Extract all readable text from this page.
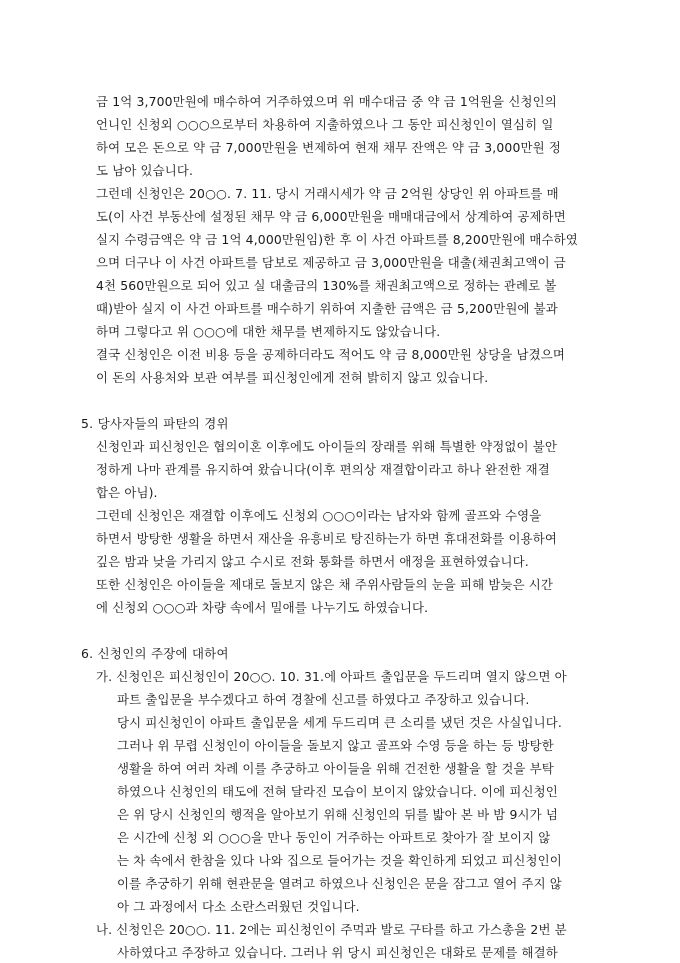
금 1억 3,700만원에 매수하여 거주하였으며 위 매수대금 중 약 금 1억원을 신청인의
언니인 신청외 ○○○으로부터 차용하여 지출하였으나 그 동안 피신청인이 열심히 일
하여 모은 돈으로 약 금 7,000만원을 변제하여 현재 채무 잔액은 약 금 3,000만원 정
도 남아 있습니다.
그런데 신청인은 20○○. 7. 11. 당시 거래시세가 약 금 2억원 상당인 위 아파트를 매
도(이 사건 부동산에 설정된 채무 약 금 6,000만원을 매매대금에서 상계하여 공제하면
실지 수령금액은 약 금 1억 4,000만원임)한 후 이 사건 아파트를 8,200만원에 매수하였
으며 더구나 이 사건 아파트를 담보로 제공하고 금 3,000만원을 대출(채권최고액이 금
4천 560만원으로 되어 있고 실 대출금의 130%를 채권최고액으로 정하는 관례로 볼
때)받아 실지 이 사건 아파트를 매수하기 위하여 지출한 금액은 금 5,200만원에 불과
하며 그렇다고 위 ○○○에 대한 채무를 변제하지도 않았습니다.
결국 신청인은 이전 비용 등을 공제하더라도 적어도 약 금 8,000만원 상당을 남겼으며
이 돈의 사용처와 보관 여부를 피신청인에게 전혀 밝히지 않고 있습니다.
5. 당사자들의 파탄의 경위
신청인과 피신청인은 협의이혼 이후에도 아이들의 장래를 위해 특별한 약정없이 불안
정하게 나마 관계를 유지하여 왔습니다(이후 편의상 재결합이라고 하나 완전한 재결
합은 아님).
그런데 신청인은 재결합 이후에도 신청외 ○○○이라는 남자와 함께 골프와 수영을
하면서 방탕한 생활을 하면서 재산을 유흥비로 탕진하는가 하면 휴대전화를 이용하여
깊은 밤과 낮을 가리지 않고 수시로 전화 통화를 하면서 애정을 표현하였습니다.
또한 신청인은 아이들을 제대로 돌보지 않은 채 주위사람들의 눈을 피해 밤늦은 시간
에 신청외 ○○○과 차량 속에서 밀애를 나누기도 하였습니다.
6. 신청인의 주장에 대하여
가. 신청인은 피신청인이 20○○. 10. 31.에 아파트 출입문을 두드리며 열지 않으면 아
파트 출입문을 부수겠다고 하여 경찰에 신고를 하였다고 주장하고 있습니다.
당시 피신청인이 아파트 출입문을 세게 두드리며 큰 소리를 냈던 것은 사실입니다.
그러나 위 무렵 신청인이 아이들을 돌보지 않고 골프와 수영 등을 하는 등 방탕한
생활을 하여 여러 차례 이를 추궁하고 아이들을 위해 건전한 생활을 할 것을 부탁
하였으나 신청인의 태도에 전혀 달라진 모습이 보이지 않았습니다. 이에 피신청인
은 위 당시 신청인의 행적을 알아보기 위해 신청인의 뒤를 밟아 본 바 밤 9시가 넘
은 시간에 신청 외 ○○○을 만나 동인이 거주하는 아파트로 찾아가 잘 보이지 않
는 차 속에서 한참을 있다 나와 집으로 들어가는 것을 확인하게 되었고 피신청인이
이를 추궁하기 위해 현관문을 열려고 하였으나 신청인은 문을 잠그고 열어 주지 않
아 그 과정에서 다소 소란스러웠던 것입니다.
나. 신청인은 20○○. 11. 2에는 피신청인이 주먹과 발로 구타를 하고 가스총을 2번 분
사하였다고 주장하고 있습니다. 그러나 위 당시 피신청인은 대화로 문제를 해결하
